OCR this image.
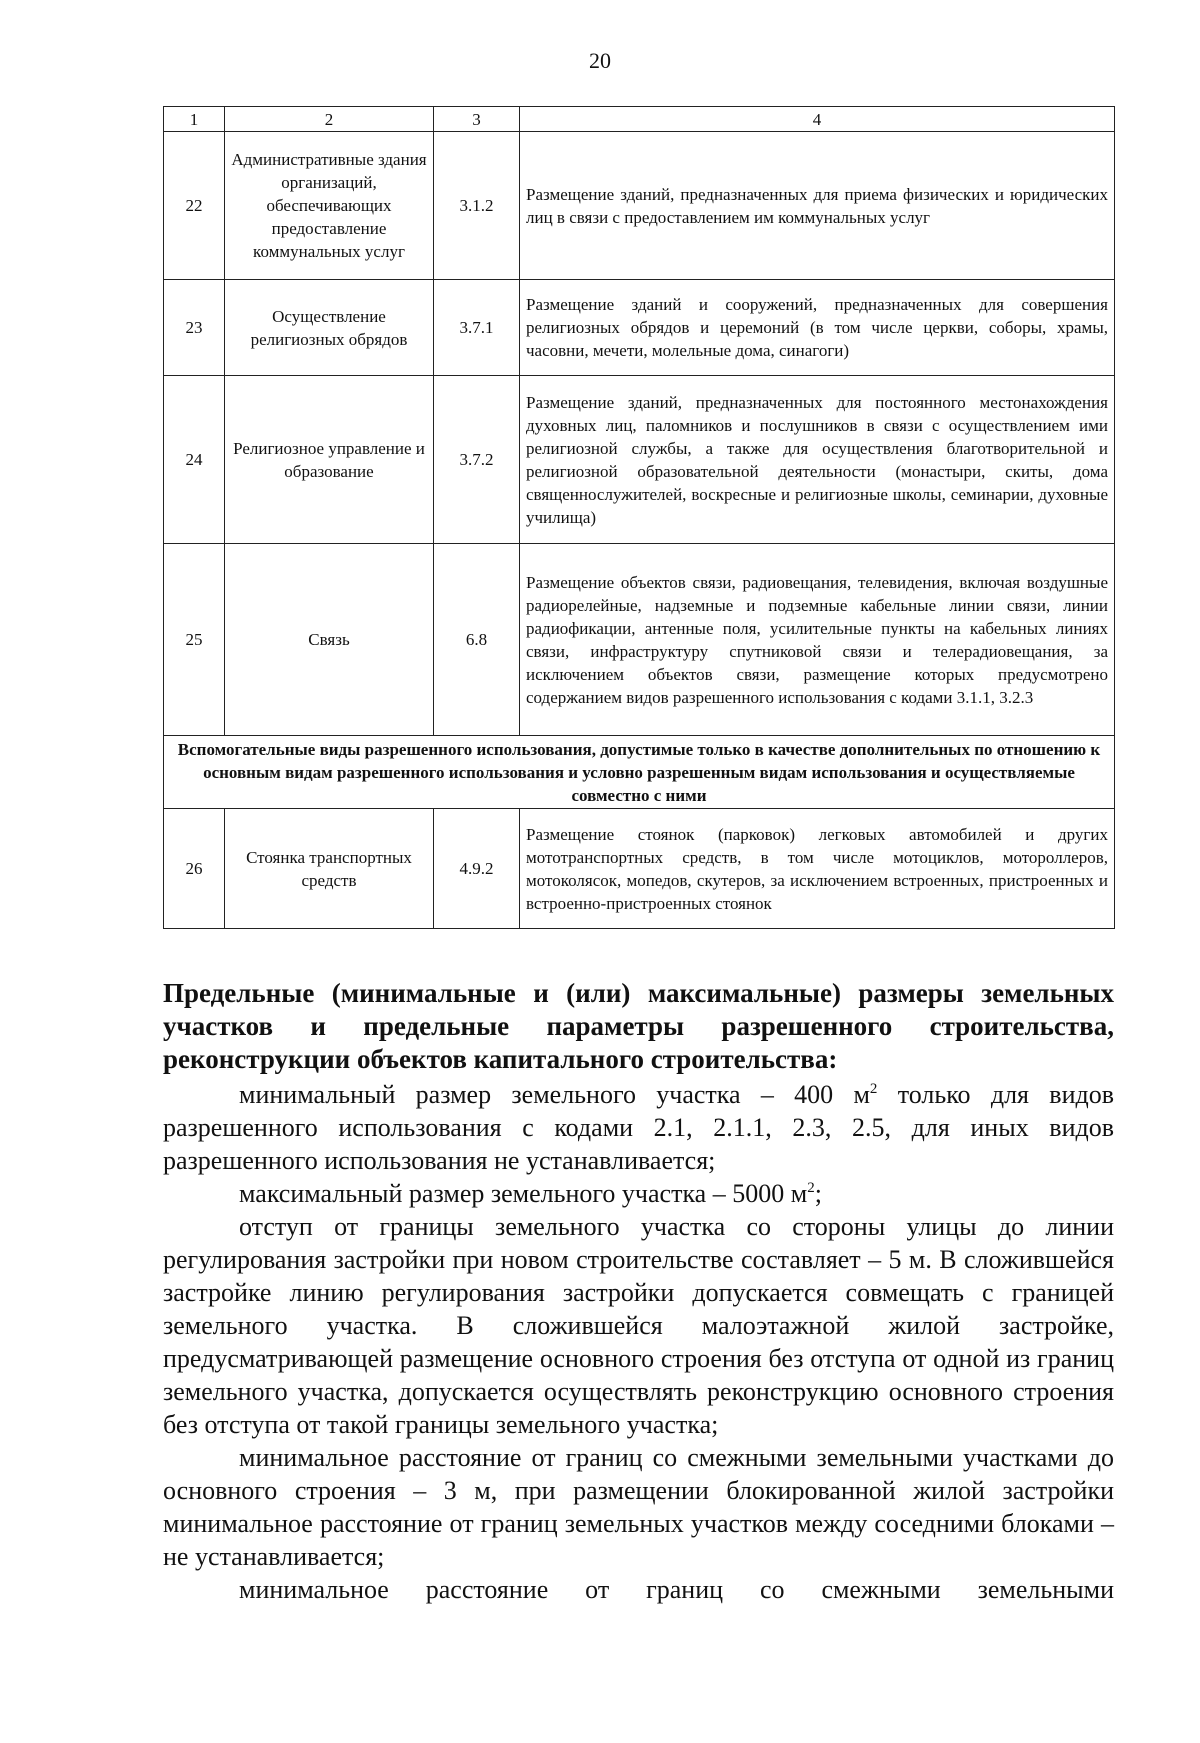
20
1	2	3	4
22	Административные здания организаций, обеспечивающих предоставление коммунальных услуг	3.1.2	Размещение зданий, предназначенных для приема физических и юридических лиц в связи с предоставлением им коммунальных услуг
23	Осуществление религиозных обрядов	3.7.1	Размещение зданий и сооружений, предназначенных для совершения религиозных обрядов и церемоний (в том числе церкви, соборы, храмы, часовни, мечети, молельные дома, синагоги)
24	Религиозное управление и образование	3.7.2	Размещение зданий, предназначенных для постоянного местонахождения духовных лиц, паломников и послушников в связи с осуществлением ими религиозной службы, а также для осуществления благотворительной и религиозной образовательной деятельности (монастыри, скиты, дома священнослужителей, воскресные и религиозные школы, семинарии, духовные училища)
25	Связь	6.8	Размещение объектов связи, радиовещания, телевидения, включая воздушные радиорелейные, надземные и подземные кабельные линии связи, линии радиофикации, антенные поля, усилительные пункты на кабельных линиях связи, инфраструктуру спутниковой связи и телерадиовещания, за исключением объектов связи, размещение которых предусмотрено содержанием видов разрешенного использования с кодами 3.1.1, 3.2.3

Вспомогательные виды разрешенного использования, допустимые только в качестве дополнительных по отношению к основным видам разрешенного использования и условно разрешенным видам использования и осуществляемые совместно с ними			

26	Стоянка транспортных средств	4.9.2	Размещение стоянок (парковок) легковых автомобилей и других мототранспортных средств, в том числе мотоциклов, мотороллеров, мотоколясок, мопедов, скутеров, за исключением встроенных, пристроенных и встроенно-пристроенных стоянок

Предельные (минимальные и (или) максимальные) размеры земельных участков и предельные параметры разрешенного строительства, реконструкции объектов капитального строительства:

минимальный размер земельного участка – 400 $м^2$ только для видов разрешенного использования с кодами 2.1, 2.1.1, 2.3, 2.5, для иных видов разрешенного использования не устанавливается;

максимальный размер земельного участка – 5000 $м^2$;

отступ от границы земельного участка со стороны улицы до линии регулирования застройки при новом строительстве составляет – 5 м. В сложившейся застройке линию регулирования застройки допускается совмещать с границей земельного участка. В сложившейся малоэтажной жилой застройке, предусматривающей размещение основного строения без отступа от одной из границ земельного участка, допускается осуществлять реконструкцию основного строения без отступа от такой границы земельного участка;

минимальное расстояние от границ со смежными земельными участками до основного строения – 3 м, при размещении блокированной жилой застройки минимальное расстояние от границ земельных участков между соседними блоками – не устанавливается;

минимальное расстояние от границ со смежными земельными
